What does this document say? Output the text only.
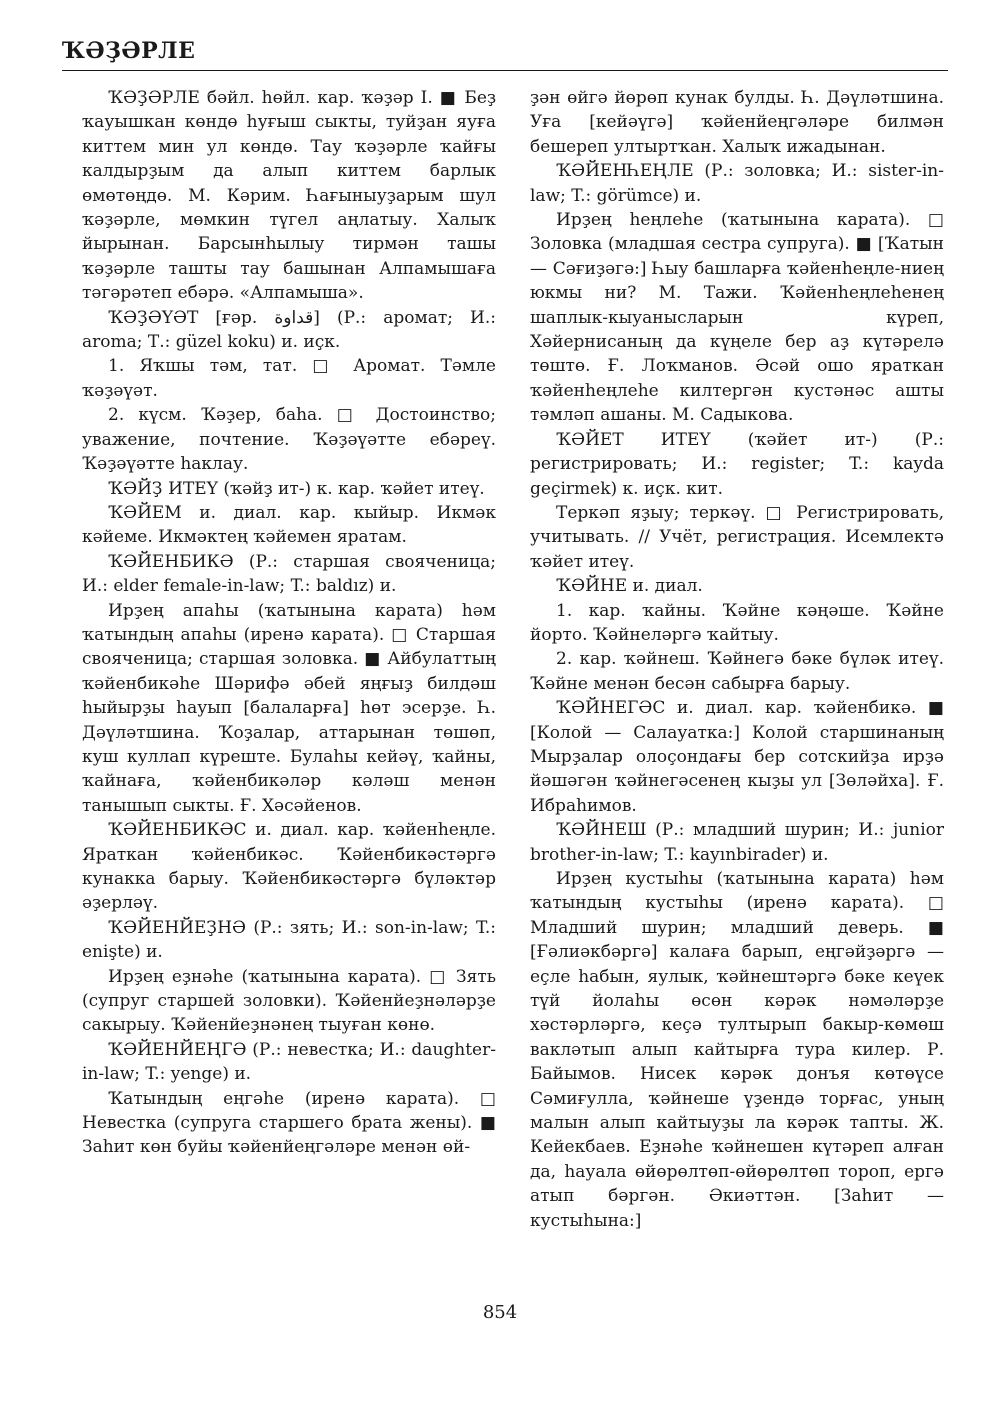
ҠӘҘӘРЛЕ

ҠӘҘӘРЛЕ бәйл. һөйл. кар. ҡәҙәр I. ■ Беҙ ҡауышкан көндө һуғыш сыкты, туйҙан яуға киттем мин ул көндө. Тау ҡәҙәрле ҡайғы калдырҙым да алып киттем барлык өмөтөңдө. М. Кәрим. Һағыныуҙарым шул ҡәҙәрле, мөмкин түгел аңлатыу. Халыҡ йырынан. Барсынһылыу тирмән ташы ҡәҙәрле ташты тау башынан Алпамышаға тәгәрәтеп ебәрә. «Алпамыша».

ҠӘҘӘҮӘТ [ғәр. ﻗﺪﺍﻭﺓ] (Р.: аромат; И.: aroma; Т.: güzel koku) и. иҫк.

1. Яҡшы тәм, тат. □ Аромат. Тәмле ҡәҙәүәт.

2. күсм. Ҡәҙер, баһа. □ Достоинство; уважение, почтение. Ҡәҙәүәтте ебәреү. Ҡәҙәүәтте һаклау.

ҠӘЙҘ ИТЕҮ (ҡәйҙ ит-) к. кар. ҡәйет итеү.

ҠӘЙЕМ и. диал. кар. кыйыр. Икмәк кәйеме. Икмәктең ҡәйемен яратам.

ҠӘЙЕНБИКӘ (Р.: старшая свояченица; И.: elder female-in-law; T.: baldız) и.

Ирҙең апаһы (ҡатынына карата) һәм ҡатындың апаһы (иренә карата). □ Старшая свояченица; старшая золовка. ■ Айбулаттың ҡәйенбикәһе Шәрифә әбей яңғыҙ билдәш һыйырҙы һауып [балаларға] һөт эсерҙе. Һ. Дәүләтшина. Ҡоҙалар, аттарынан төшөп, куш куллап күреште. Булаһы кейәү, ҡайны, ҡайнаға, ҡәйенбикәләр кәләш менән танышып сыкты. Ғ. Хәсәйенов.

ҠӘЙЕНБИКӘС и. диал. кар. ҡәйенһеңле. Яраткан ҡәйенбикәс. Ҡәйенбикәстәргә кунакка барыу. Ҡәйенбикәстәргә бүләктәр әҙерләү.

ҠӘЙЕНЙЕҘНӘ (Р.: зять; И.: son-in-law; T.: enişte) и.

Ирҙең еҙнәһе (ҡатынына карата). □ Зять (супруг старшей золовки). Ҡәйенйеҙнәләрҙе сакырыу. Ҡәйенйеҙнәнең тыуған көнө.

ҠӘЙЕНЙЕҢГӘ (Р.: невестка; И.: daughter-in-law; T.: yenge) и.

Ҡатындың еңгәһе (иренә карата). □ Невестка (супруга старшего брата жены). ■ Заһит көн буйы ҡәйенйеңгәләре менән өй-

ҙән өйгә йөрөп кунак булды. Һ. Дәүләтшина. Уға [кейәүгә] ҡәйенйеңгәләре билмән бешереп ултыртҡан. Халыҡ ижадынан.

ҠӘЙЕНҺЕҢЛЕ (Р.: золовка; И.: sister-in-law; T.: görümce) и.

Ирҙең һеңлеһе (ҡатынына карата). □ Золовка (младшая сестра супруга). ■ [Ҡатын — Сәғиҙәгә:] Һыу башларға ҡәйенһеңле-ниең юкмы ни? М. Тажи. Ҡәйенһеңлеһенең шаплык-кыуанысларын күреп, Хәйернисаның да күңеле бер аҙ күтәрелә төштө. Ғ. Лоҡманов. Әсәй ошо яраткан ҡәйенһеңлеһе килтергән кустәнәс ашты тәмләп ашаны. М. Садыкова.

ҠӘЙЕТ ИТЕҮ (ҡәйет ит-) (Р.: регистрировать; И.: register; T.: kayda geçirmek) к. иҫк. кит.

Теркәп яҙыу; теркәү. □ Регистрировать, учитывать. // Учёт, регистрация. Исемлектә ҡәйет итеү.

ҠӘЙНЕ и. диал.

1. кар. ҡайны. Ҡәйне кәңәше. Ҡәйне йорто. Ҡәйнеләргә ҡайтыу.

2. кар. ҡәйнеш. Ҡәйнегә бәке бүләк итеү. Ҡәйне менән бесән сабырға барыу.

ҠӘЙНЕГӘС и. диал. кар. ҡәйенбикә. ■ [Колой — Салауатка:] Колой старшинаның Мырҙалар олоҫондағы бер сотскийҙа ирҙә йәшәгән ҡәйнегәсенең кыҙы ул [Зөләйха]. Ғ. Ибраһимов.

ҠӘЙНЕШ (Р.: младший шурин; И.: junior brother-in-law; T.: kayınbirader) и.

Ирҙең кустыһы (ҡатынына карата) һәм ҡатындың кустыһы (иренә карата). □ Младший шурин; младший деверь. ■ [Ғәлиәкбәргә] калаға барып, еңгәйҙәргә — еҫле һабын, яулык, ҡәйнештәргә бәке кеүек түй йолаһы өсөн кәрәк нәмәләрҙе хәстәрләргә, кеҫә тултырып бакыр-көмөш вакләтып алып кайтырға тура килер. Р. Байымов. Нисек кәрәк донъя көтөүсе Сәмиғулла, ҡәйнеше үҙендә торғас, уның малын алып кайтыуҙы ла кәрәк тапты. Ж. Кейекбаев. Еҙнәһе ҡәйнешен күтәреп алған да, һауала өйөрөлтөп-өйөрөлтөп тороп, ергә атып бәргән. Әкиәттән. [Заһит — кустыһына:]

854
